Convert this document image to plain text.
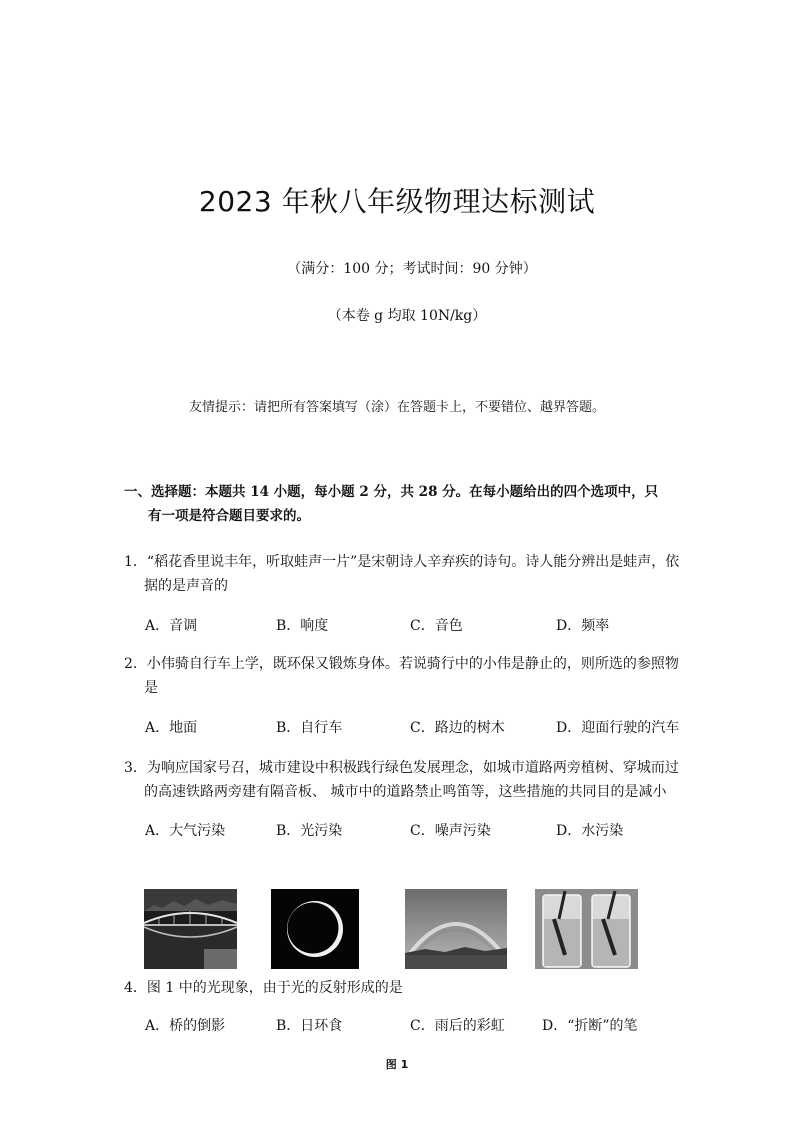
2023 年秋八年级物理达标测试
（满分：100 分；考试时间：90 分钟）
（本卷 g 均取 10N/kg）
友情提示：请把所有答案填写（涂）在答题卡上，不要错位、越界答题。
一、选择题：本题共 14 小题，每小题 2 分，共 28 分。在每小题给出的四个选项中，只
有一项是符合题目要求的。
1．“稻花香里说丰年，听取蛙声一片”是宋朝诗人辛弃疾的诗句。诗人能分辨出是蛙声，依
据的是声音的
A．音调	B．响度	C．音色	D．频率
2．小伟骑自行车上学，既环保又锻炼身体。若说骑行中的小伟是静止的，则所选的参照物
是
A．地面	B．自行车	C．路边的树木	D．迎面行驶的汽车
3．为响应国家号召，城市建设中积极践行绿色发展理念，如城市道路两旁植树、穿城而过
的高速铁路两旁建有隔音板、 城市中的道路禁止鸣笛等，这些措施的共同目的是减小
A．大气污染	B．光污染	C．噪声污染	D．水污染
4．图 1 中的光现象，由于光的反射形成的是
A．桥的倒影	B．日环食	C．雨后的彩虹	D．“折断”的笔
图 1
